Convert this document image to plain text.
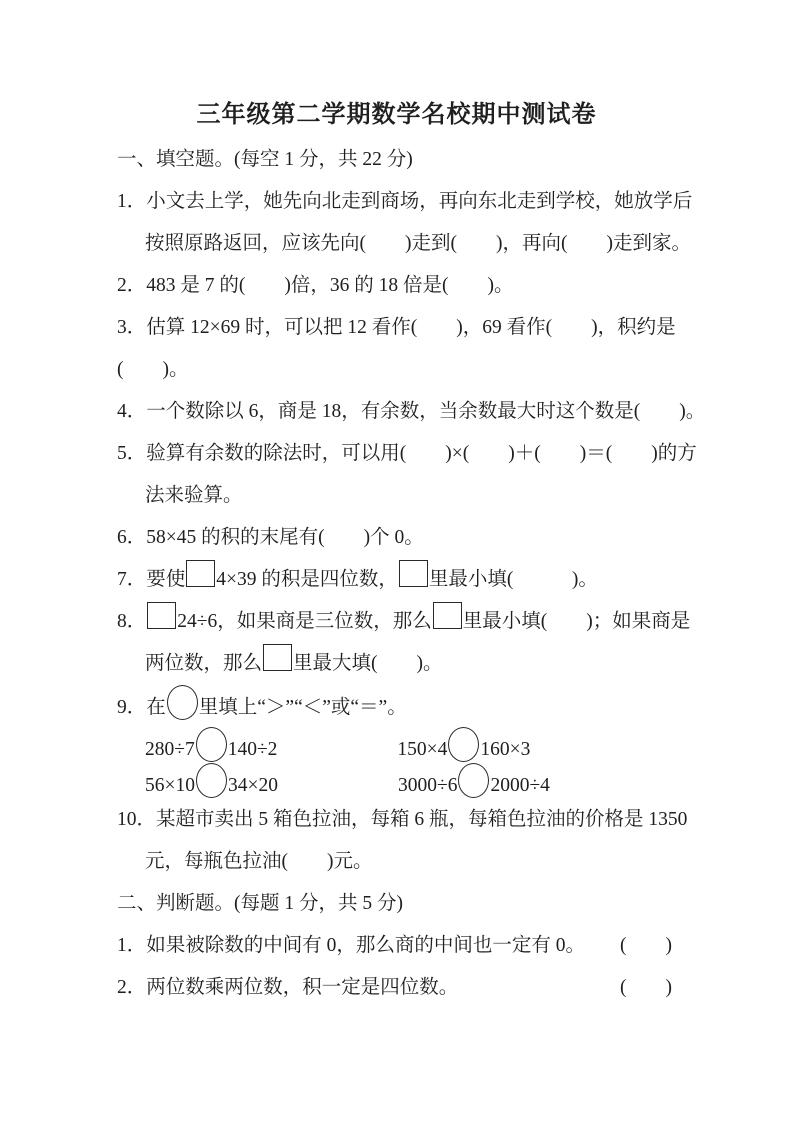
三年级第二学期数学名校期中测试卷
一、填空题。(每空 1 分，共 22 分)
1．小文去上学，她先向北走到商场，再向东北走到学校，她放学后
按照原路返回，应该先向(　　)走到(　　)，再向(　　)走到家。
2．483 是 7 的(　　)倍，36 的 18 倍是(　　)。
3．估算 12×69 时，可以把 12 看作(　　)，69 看作(　　)，积约是
(　　)。
4．一个数除以 6，商是 18，有余数，当余数最大时这个数是(　　)。
5．验算有余数的除法时，可以用(　　)×(　　)＋(　　)＝(　　)的方
法来验算。
6．58×45 的积的末尾有(　　)个 0。
7．要使 4×39 的积是四位数， 里最小填(　　　)。
8． 24÷6，如果商是三位数，那么 里最小填(　　)；如果商是
两位数，那么 里最大填(　　)。
9．在 里填上“＞”“＜”或“＝”。
280÷7 140÷2	150×4 160×3
56×10 34×20	3000÷6 2000÷4
10．某超市卖出 5 箱色拉油，每箱 6 瓶，每箱色拉油的价格是 1350
元，每瓶色拉油(　　)元。
二、判断题。(每题 1 分，共 5 分)
1．如果被除数的中间有 0，那么商的中间也一定有 0。 (　　)
2．两位数乘两位数，积一定是四位数。	(　　)
